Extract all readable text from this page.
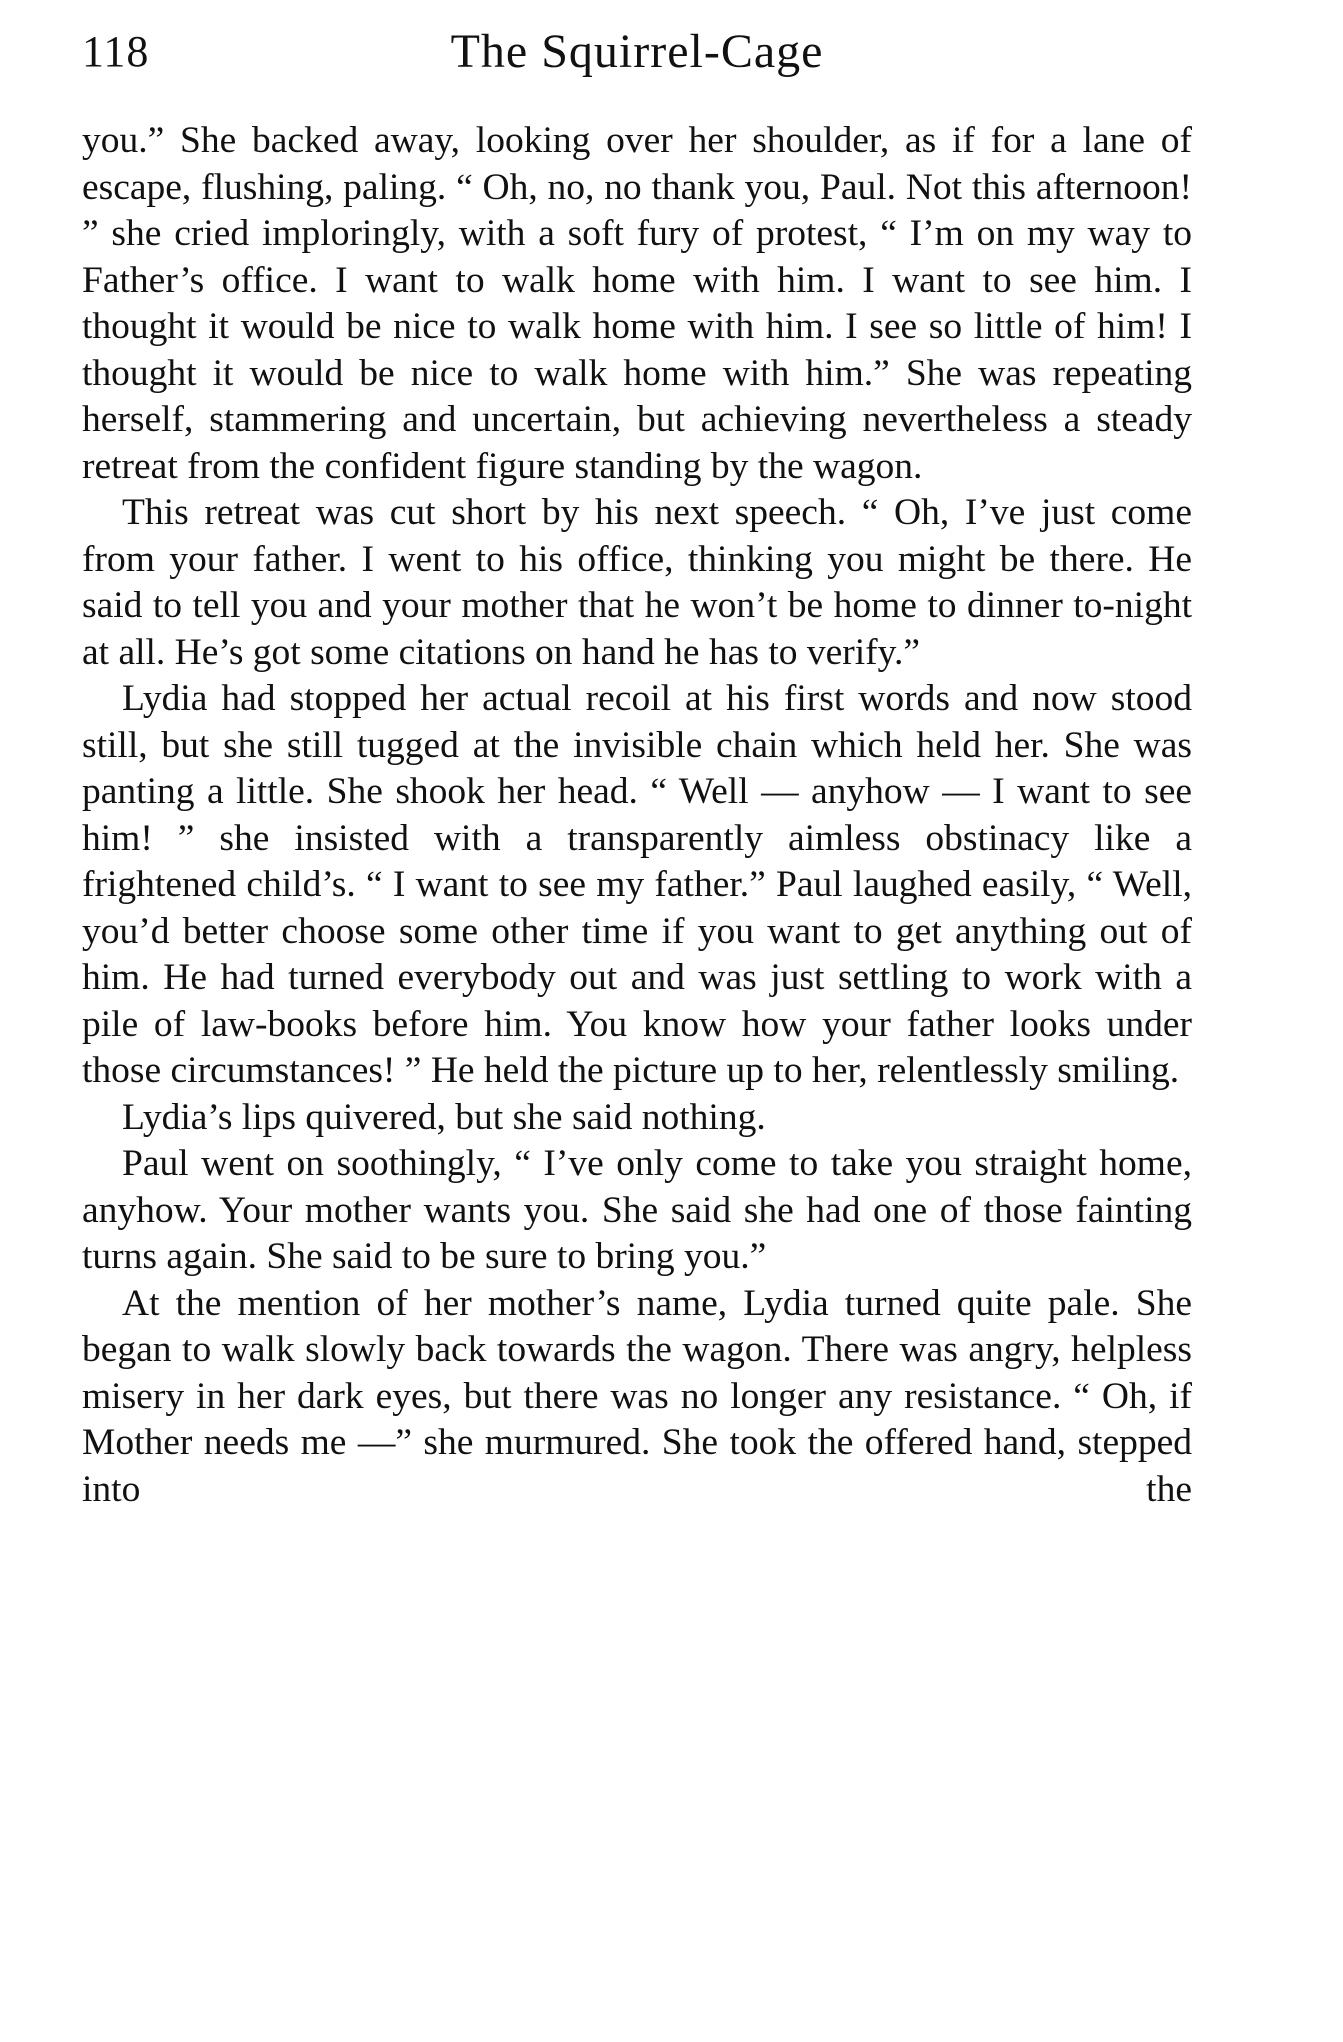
118	The Squirrel-Cage

you.” She backed away, looking over her shoulder, as if for a lane of escape, flushing, paling. “ Oh, no, no thank you, Paul. Not this afternoon! ” she cried imploringly, with a soft fury of protest, “ I’m on my way to Father’s office. I want to walk home with him. I want to see him. I thought it would be nice to walk home with him. I see so little of him! I thought it would be nice to walk home with him.” She was repeating herself, stammering and uncertain, but achieving nevertheless a steady retreat from the confident figure standing by the wagon.

This retreat was cut short by his next speech. “ Oh, I’ve just come from your father. I went to his office, thinking you might be there. He said to tell you and your mother that he won’t be home to dinner to-night at all. He’s got some citations on hand he has to verify.”

Lydia had stopped her actual recoil at his first words and now stood still, but she still tugged at the invisible chain which held her. She was panting a little. She shook her head. “ Well — anyhow — I want to see him! ” she insisted with a transparently aimless obstinacy like a frightened child’s. “ I want to see my father.” Paul laughed easily, “ Well, you’d better choose some other time if you want to get anything out of him. He had turned everybody out and was just settling to work with a pile of law-books before him. You know how your father looks under those circumstances! ” He held the picture up to her, relentlessly smiling.

Lydia’s lips quivered, but she said nothing.

Paul went on soothingly, “ I’ve only come to take you straight home, anyhow. Your mother wants you. She said she had one of those fainting turns again. She said to be sure to bring you.”

At the mention of her mother’s name, Lydia turned quite pale. She began to walk slowly back towards the wagon. There was angry, helpless misery in her dark eyes, but there was no longer any resistance. “ Oh, if Mother needs me —” she murmured. She took the offered hand, stepped into the
